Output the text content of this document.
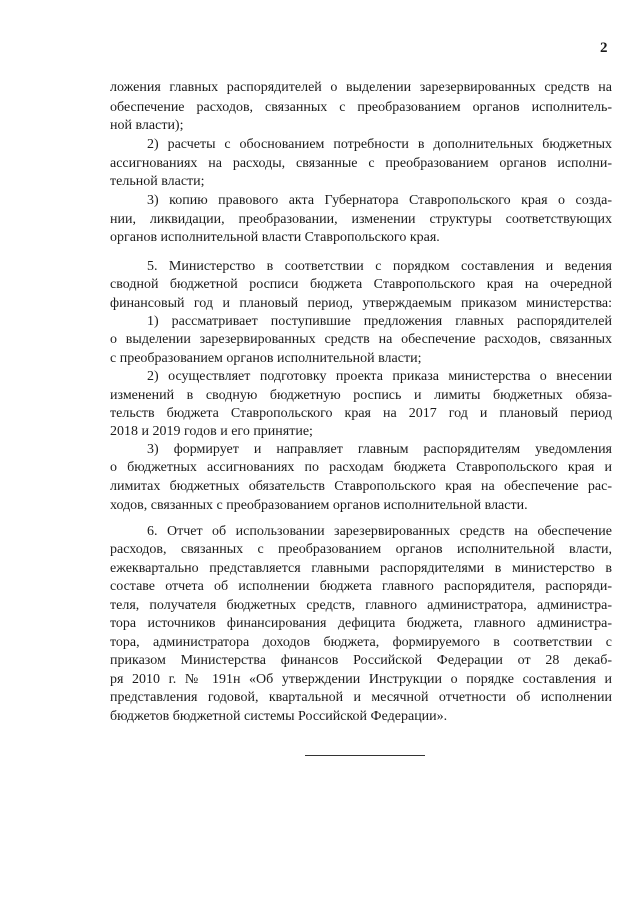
2
ложения главных распорядителей о выделении зарезервированных средств на
обеспечение расходов, связанных с преобразованием органов исполнитель-
ной власти);
2) расчеты с обоснованием потребности в дополнительных бюджетных
ассигнованиях на расходы, связанные с преобразованием органов исполни-
тельной власти;
3) копию правового акта Губернатора Ставропольского края о созда-
нии, ликвидации, преобразовании, изменении структуры соответствующих
органов исполнительной власти Ставропольского края.
5. Министерство в соответствии с порядком составления и ведения
сводной бюджетной росписи бюджета Ставропольского края на очередной
финансовый год и плановый период, утверждаемым приказом министерства:
1) рассматривает поступившие предложения главных распорядителей
о выделении зарезервированных средств на обеспечение расходов, связанных
с преобразованием органов исполнительной власти;
2) осуществляет подготовку проекта приказа министерства о внесении
изменений в сводную бюджетную роспись и лимиты бюджетных обяза-
тельств бюджета Ставропольского края на 2017 год и плановый период
2018 и 2019 годов и его принятие;
3) формирует и направляет главным распорядителям уведомления
о бюджетных ассигнованиях по расходам бюджета Ставропольского края и
лимитах бюджетных обязательств Ставропольского края на обеспечение рас-
ходов, связанных с преобразованием органов исполнительной власти.
6. Отчет об использовании зарезервированных средств на обеспечение
расходов, связанных с преобразованием органов исполнительной власти,
ежеквартально представляется главными распорядителями в министерство в
составе отчета об исполнении бюджета главного распорядителя, распоряди-
теля, получателя бюджетных средств, главного администратора, администра-
тора источников финансирования дефицита бюджета, главного администра-
тора, администратора доходов бюджета, формируемого в соответствии с
приказом Министерства финансов Российской Федерации от 28 декаб-
ря 2010 г. № 191н «Об утверждении Инструкции о порядке составления и
представления годовой, квартальной и месячной отчетности об исполнении
бюджетов бюджетной системы Российской Федерации».
